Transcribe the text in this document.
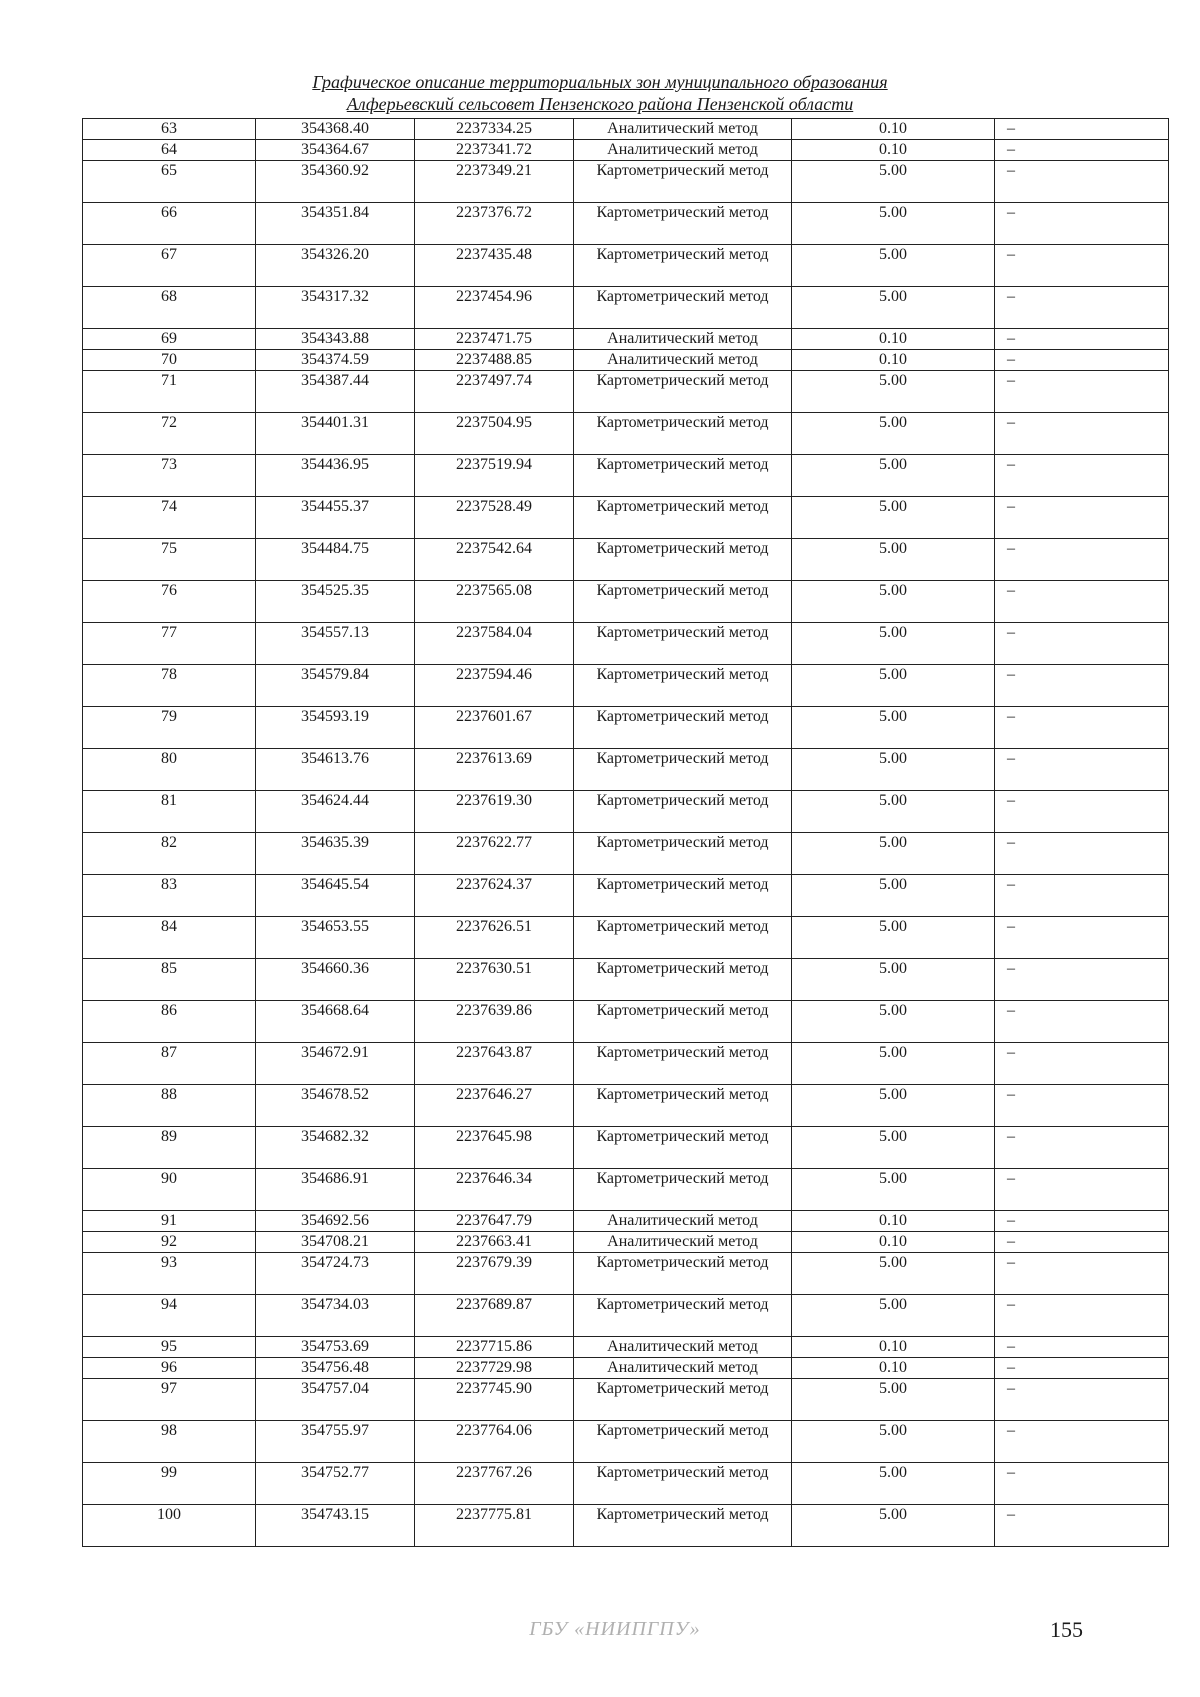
Графическое описание территориальных зон муниципального образования
Алферьевский сельсовет Пензенского района Пензенской области
63	354368.40	2237334.25	Аналитический метод	0.10	–
64	354364.67	2237341.72	Аналитический метод	0.10	–
65	354360.92	2237349.21	Картометрический метод	5.00	–
66	354351.84	2237376.72	Картометрический метод	5.00	–
67	354326.20	2237435.48	Картометрический метод	5.00	–
68	354317.32	2237454.96	Картометрический метод	5.00	–
69	354343.88	2237471.75	Аналитический метод	0.10	–
70	354374.59	2237488.85	Аналитический метод	0.10	–
71	354387.44	2237497.74	Картометрический метод	5.00	–
72	354401.31	2237504.95	Картометрический метод	5.00	–
73	354436.95	2237519.94	Картометрический метод	5.00	–
74	354455.37	2237528.49	Картометрический метод	5.00	–
75	354484.75	2237542.64	Картометрический метод	5.00	–
76	354525.35	2237565.08	Картометрический метод	5.00	–
77	354557.13	2237584.04	Картометрический метод	5.00	–
78	354579.84	2237594.46	Картометрический метод	5.00	–
79	354593.19	2237601.67	Картометрический метод	5.00	–
80	354613.76	2237613.69	Картометрический метод	5.00	–
81	354624.44	2237619.30	Картометрический метод	5.00	–
82	354635.39	2237622.77	Картометрический метод	5.00	–
83	354645.54	2237624.37	Картометрический метод	5.00	–
84	354653.55	2237626.51	Картометрический метод	5.00	–
85	354660.36	2237630.51	Картометрический метод	5.00	–
86	354668.64	2237639.86	Картометрический метод	5.00	–
87	354672.91	2237643.87	Картометрический метод	5.00	–
88	354678.52	2237646.27	Картометрический метод	5.00	–
89	354682.32	2237645.98	Картометрический метод	5.00	–
90	354686.91	2237646.34	Картометрический метод	5.00	–
91	354692.56	2237647.79	Аналитический метод	0.10	–
92	354708.21	2237663.41	Аналитический метод	0.10	–
93	354724.73	2237679.39	Картометрический метод	5.00	–
94	354734.03	2237689.87	Картометрический метод	5.00	–
95	354753.69	2237715.86	Аналитический метод	0.10	–
96	354756.48	2237729.98	Аналитический метод	0.10	–
97	354757.04	2237745.90	Картометрический метод	5.00	–
98	354755.97	2237764.06	Картометрический метод	5.00	–
99	354752.77	2237767.26	Картометрический метод	5.00	–
100	354743.15	2237775.81	Картометрический метод	5.00	–
ГБУ «НИИПГПУ»	155
